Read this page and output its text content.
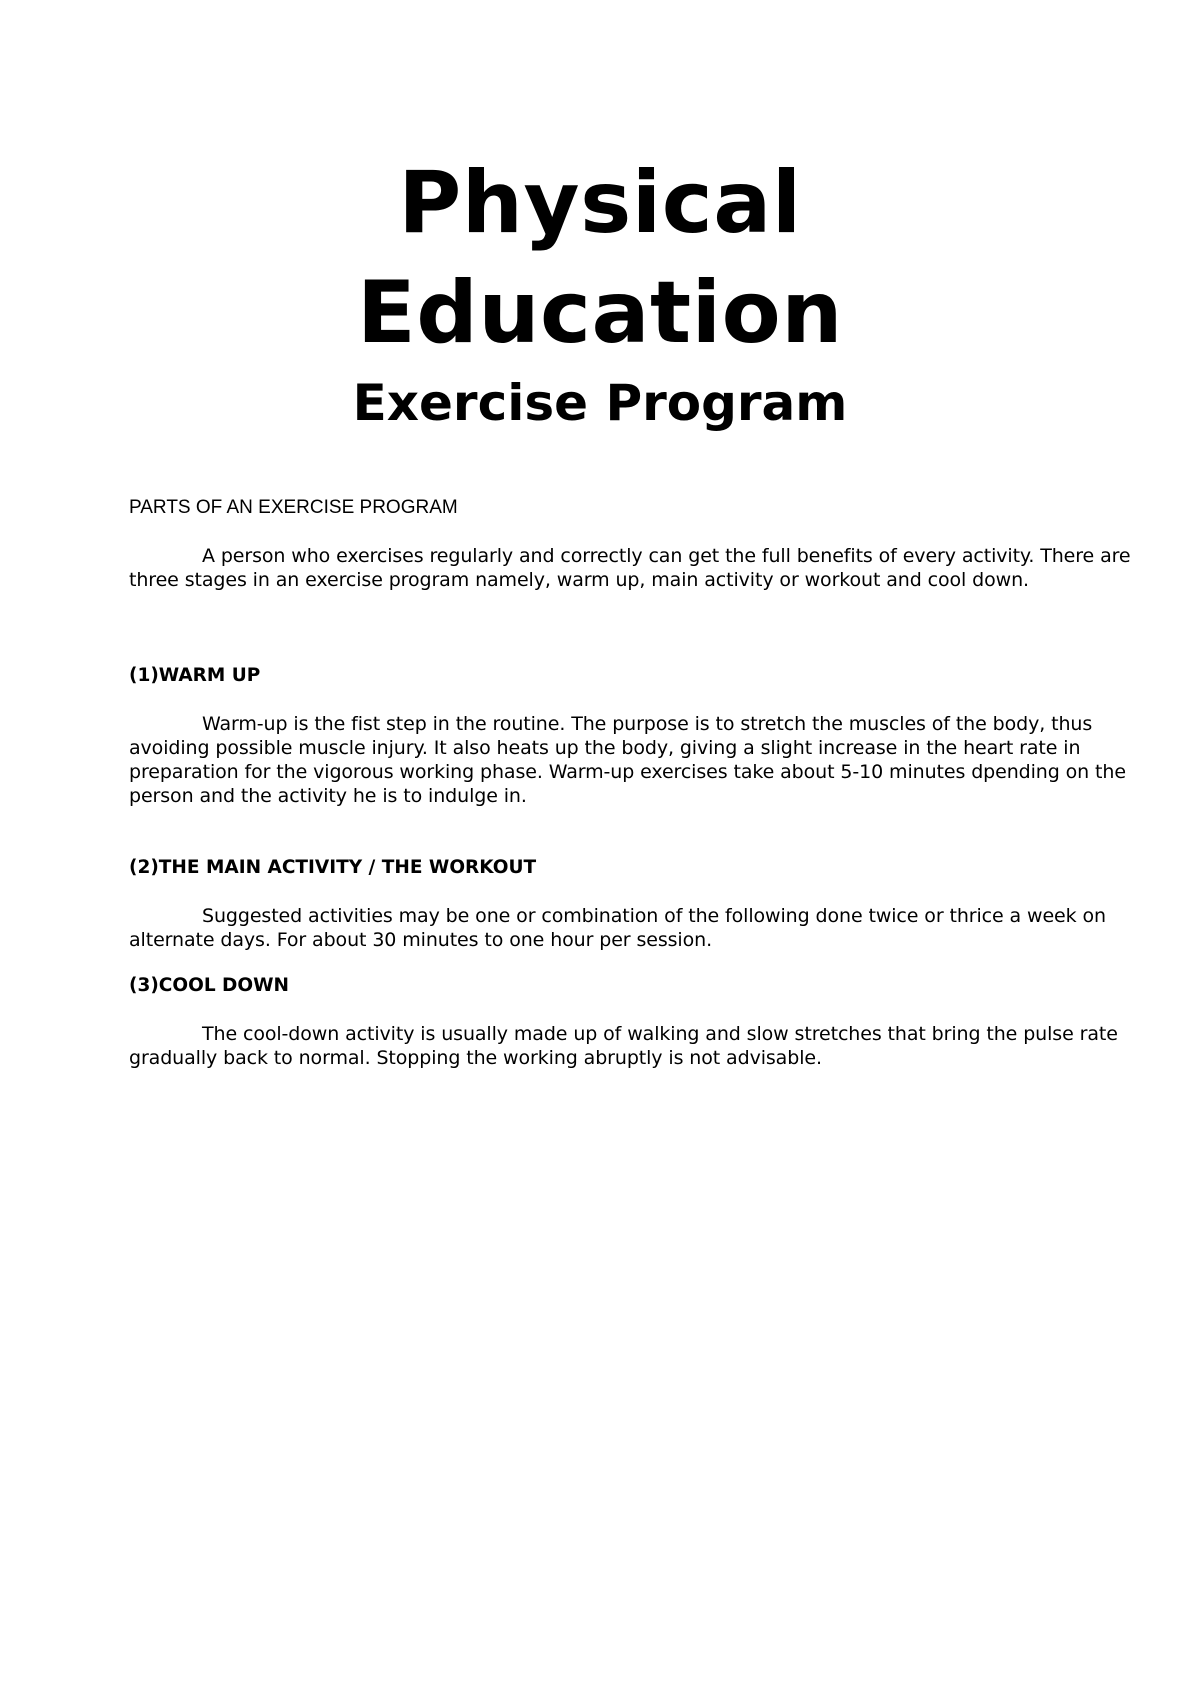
Physical
Education
Exercise Program

PARTS OF AN EXERCISE PROGRAM

A person who exercises regularly and correctly can get the full benefits of every activity. There are three stages in an exercise program namely, warm up, main activity or workout and cool down.

(1)WARM UP

Warm-up is the fist step in the routine. The purpose is to stretch the muscles of the body, thus avoiding possible muscle injury. It also heats up the body, giving a slight increase in the heart rate in preparation for the vigorous working phase. Warm-up exercises take about 5-10 minutes dpending on the person and the activity he is to indulge in.

(2)THE MAIN ACTIVITY / THE WORKOUT

Suggested activities may be one or combination of the following done twice or thrice a week on alternate days. For about 30 minutes to one hour per session.

(3)COOL DOWN

The cool-down activity is usually made up of walking and slow stretches that bring the pulse rate gradually back to normal. Stopping the working abruptly is not advisable.
